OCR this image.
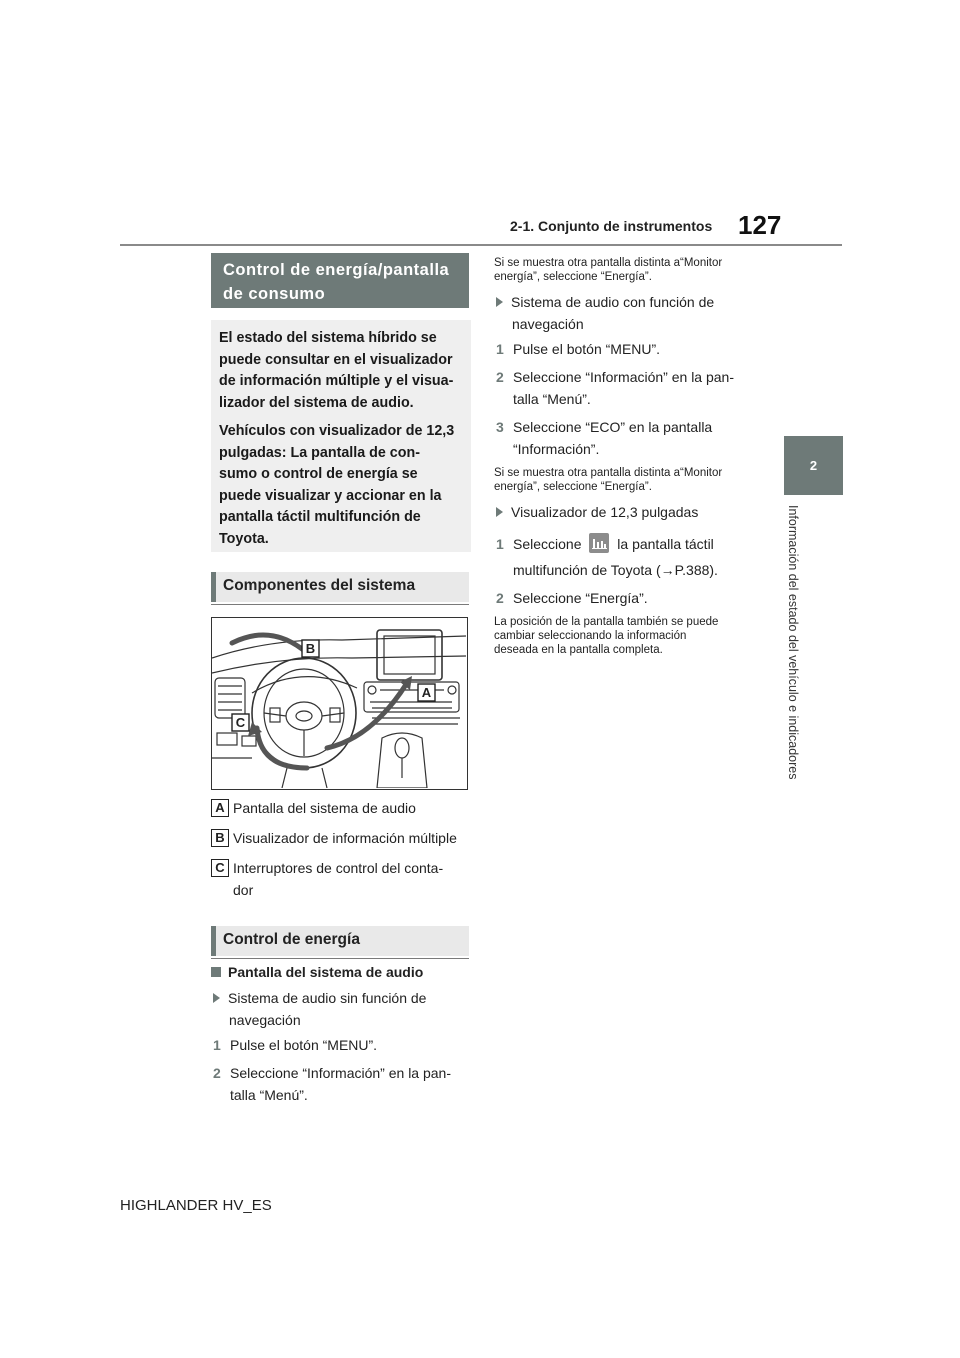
2-1. Conjunto de instrumentos 127
2
Información del estado del vehículo e indicadores
Control de energía/pantalla de consumo

El estado del sistema híbrido se
puede consultar en el visualizador
de información múltiple y el visua-
lizador del sistema de audio.

Vehículos con visualizador de 12,3
pulgadas: La pantalla de con-
sumo o control de energía se
puede visualizar y accionar en la
pantalla táctil multifunción de
Toyota.

Componentes del sistema
B
A
C
A Pantalla del sistema de audio
B Visualizador de información múltiple
C Interruptores de control del conta-
dor
Control de energía
Pantalla del sistema de audio
Sistema de audio sin función de
navegación
1 Pulse el botón “MENU”.
2 Seleccione “Información” en la pan-
talla “Menú”.
Si se muestra otra pantalla distinta a“Monitor
energía”, seleccione “Energía”.
Sistema de audio con función de
navegación
1 Pulse el botón “MENU”.
2 Seleccione “Información” en la pan-
talla “Menú”.
3 Seleccione “ECO” en la pantalla
“Información”.
Si se muestra otra pantalla distinta a“Monitor
energía”, seleccione “Energía”.
Visualizador de 12,3 pulgadas
1 Seleccione	la pantalla táctil
multifunción de Toyota (→P.388).
2 Seleccione “Energía”.
La posición de la pantalla también se puede
cambiar seleccionando la información
deseada en la pantalla completa.
HIGHLANDER HV_ES
